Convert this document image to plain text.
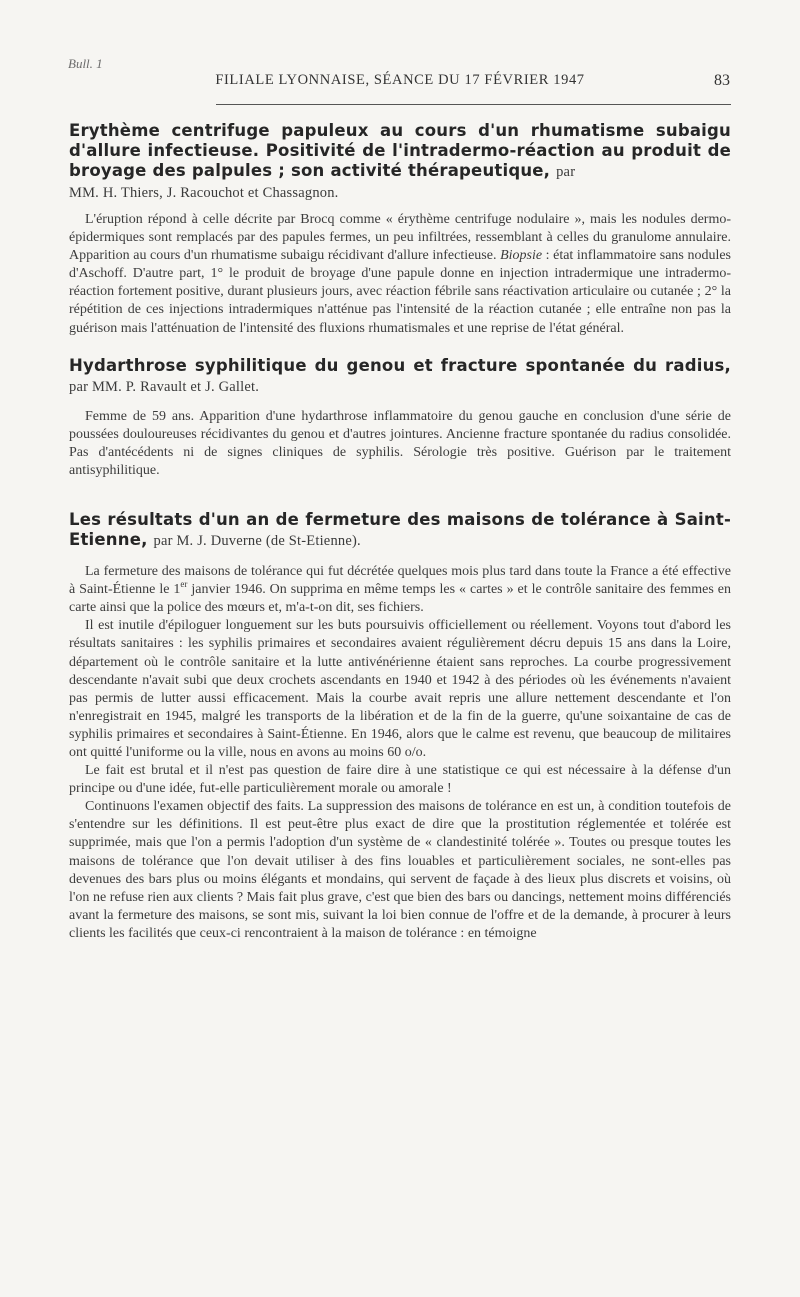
Bull. 1
FILIALE LYONNAISE, SÉANCE DU 17 FÉVRIER 1947	83

Erythème centrifuge papuleux au cours d'un rhumatisme subaigu d'allure infectieuse. Positivité de l'intradermo-réaction au produit de broyage des palpules ; son activité thérapeutique, par
MM. H. Thiers, J. Racouchot et Chassagnon.

L'éruption répond à celle décrite par Brocq comme « érythème centrifuge nodulaire », mais les nodules dermo-épidermiques sont remplacés par des papules fermes, un peu infiltrées, ressemblant à celles du granulome annulaire. Apparition au cours d'un rhumatisme subaigu récidivant d'allure infectieuse. Biopsie : état inflammatoire sans nodules d'Aschoff. D'autre part, 1° le produit de broyage d'une papule donne en injection intradermique une intradermo-réaction fortement positive, durant plusieurs jours, avec réaction fébrile sans réactivation articulaire ou cutanée ; 2° la répétition de ces injections intradermiques n'atténue pas l'intensité de la réaction cutanée ; elle entraîne non pas la guérison mais l'atténuation de l'intensité des fluxions rhumatismales et une reprise de l'état général.

Hydarthrose syphilitique du genou et fracture spontanée du radius, par MM. P. Ravault et J. Gallet.

Femme de 59 ans. Apparition d'une hydarthrose inflammatoire du genou gauche en conclusion d'une série de poussées douloureuses récidivantes du genou et d'autres jointures. Ancienne fracture spontanée du radius consolidée. Pas d'antécédents ni de signes cliniques de syphilis. Sérologie très positive. Guérison par le traitement antisyphilitique.

Les résultats d'un an de fermeture des maisons de tolérance à Saint-Etienne, par M. J. Duverne (de St-Etienne).

La fermeture des maisons de tolérance qui fut décrétée quelques mois plus tard dans toute la France a été effective à Saint-Étienne le 1er janvier 1946. On supprima en même temps les « cartes » et le contrôle sanitaire des femmes en carte ainsi que la police des mœurs et, m'a-t-on dit, ses fichiers.

Il est inutile d'épiloguer longuement sur les buts poursuivis officiellement ou réellement. Voyons tout d'abord les résultats sanitaires : les syphilis primaires et secondaires avaient régulièrement décru depuis 15 ans dans la Loire, département où le contrôle sanitaire et la lutte antivénérienne étaient sans reproches. La courbe progressivement descendante n'avait subi que deux crochets ascendants en 1940 et 1942 à des périodes où les événements n'avaient pas permis de lutter aussi efficacement. Mais la courbe avait repris une allure nettement descendante et l'on n'enregistrait en 1945, malgré les transports de la libération et de la fin de la guerre, qu'une soixantaine de cas de syphilis primaires et secondaires à Saint-Étienne. En 1946, alors que le calme est revenu, que beaucoup de militaires ont quitté l'uniforme ou la ville, nous en avons au moins 60 o/o.

Le fait est brutal et il n'est pas question de faire dire à une statistique ce qui est nécessaire à la défense d'un principe ou d'une idée, fut-elle particulièrement morale ou amorale !

Continuons l'examen objectif des faits. La suppression des maisons de tolérance en est un, à condition toutefois de s'entendre sur les définitions. Il est peut-être plus exact de dire que la prostitution réglementée et tolérée est supprimée, mais que l'on a permis l'adoption d'un système de « clandestinité tolérée ». Toutes ou presque toutes les maisons de tolérance que l'on devait utiliser à des fins louables et particulièrement sociales, ne sont-elles pas devenues des bars plus ou moins élégants et mondains, qui servent de façade à des lieux plus discrets et voisins, où l'on ne refuse rien aux clients ? Mais fait plus grave, c'est que bien des bars ou dancings, nettement moins différenciés avant la fermeture des maisons, se sont mis, suivant la loi bien connue de l'offre et de la demande, à procurer à leurs clients les facilités que ceux-ci rencontraient à la maison de tolérance : en témoigne
